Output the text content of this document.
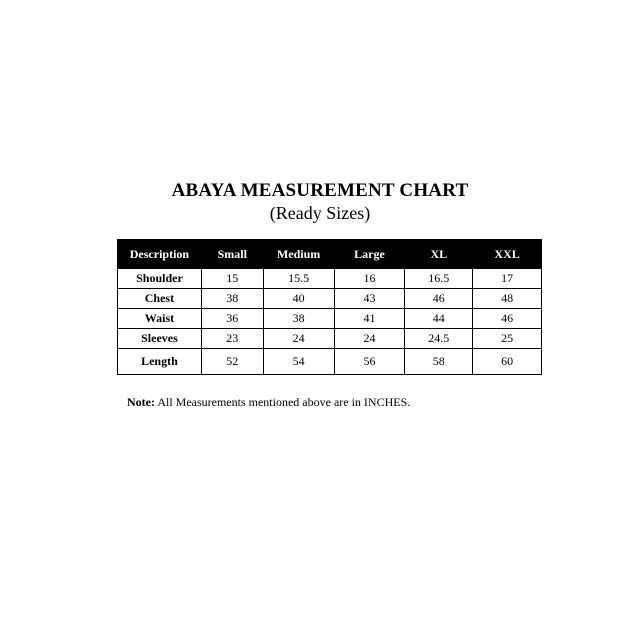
ABAYA MEASUREMENT CHART
(Ready Sizes)
Description	Small	Medium	Large	XL	XXL
Shoulder	15	15.5	16	16.5	17
Chest	38	40	43	46	48
Waist	36	38	41	44	46
Sleeves	23	24	24	24.5	25
Length	52	54	56	58	60
Note: All Measurements mentioned above are in INCHES.
